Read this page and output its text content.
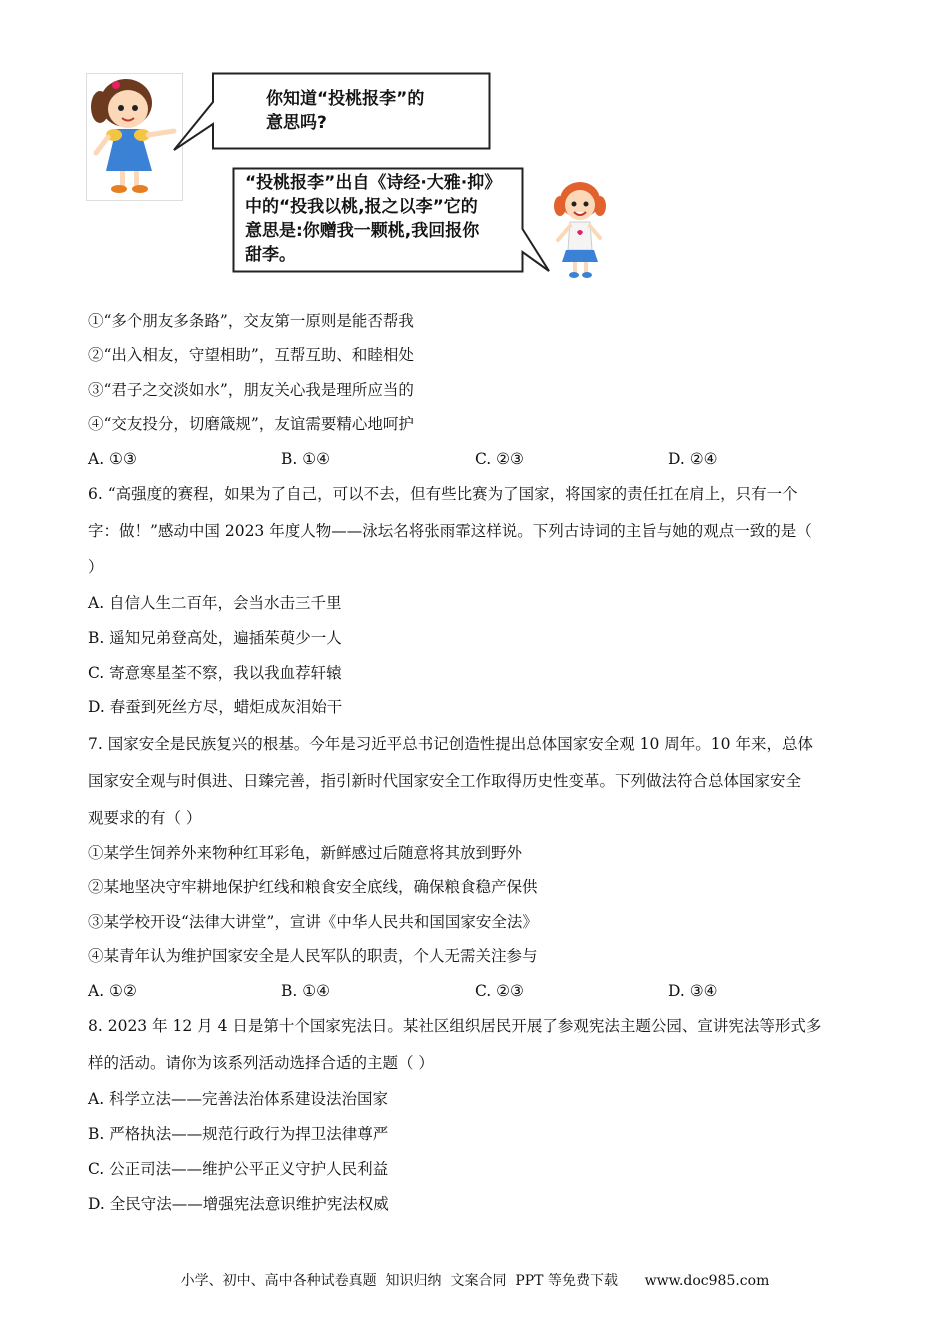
你知道“投桃报李”的
意思吗?
“投桃报李”出自《诗经·大雅·抑》
中的“投我以桃,报之以李”它的
意思是:你赠我一颗桃,我回报你
甜李。
①“多个朋友多条路”，交友第一原则是能否帮我
②“出入相友，守望相助”，互帮互助、和睦相处
③“君子之交淡如水”，朋友关心我是理所应当的
④“交友投分，切磨箴规”，友谊需要精心地呵护
A. ①③	B. ①④	C. ②③	D. ②④
6. “高强度的赛程，如果为了自己，可以不去，但有些比赛为了国家，将国家的责任扛在肩上，只有一个
字：做！”感动中国 2023 年度人物——泳坛名将张雨霏这样说。下列古诗词的主旨与她的观点一致的是（
）
A. 自信人生二百年，会当水击三千里
B. 遥知兄弟登高处，遍插茱萸少一人
C. 寄意寒星荃不察，我以我血荐轩辕
D. 春蚕到死丝方尽，蜡炬成灰泪始干
7. 国家安全是民族复兴的根基。今年是习近平总书记创造性提出总体国家安全观 10 周年。10 年来，总体
国家安全观与时俱进、日臻完善，指引新时代国家安全工作取得历史性变革。下列做法符合总体国家安全
观要求的有（ ）
①某学生饲养外来物种红耳彩龟，新鲜感过后随意将其放到野外
②某地坚决守牢耕地保护红线和粮食安全底线，确保粮食稳产保供
③某学校开设“法律大讲堂”，宣讲《中华人民共和国国家安全法》
④某青年认为维护国家安全是人民军队的职责，个人无需关注参与
A. ①②	B. ①④	C. ②③	D. ③④
8. 2023 年 12 月 4 日是第十个国家宪法日。某社区组织居民开展了参观宪法主题公园、宣讲宪法等形式多
样的活动。请你为该系列活动选择合适的主题（ ）
A. 科学立法——完善法治体系建设法治国家
B. 严格执法——规范行政行为捍卫法律尊严
C. 公正司法——维护公平正义守护人民利益
D. 全民守法——增强宪法意识维护宪法权威
小学、初中、高中各种试卷真题  知识归纳  文案合同  PPT 等免费下载      www.doc985.com
